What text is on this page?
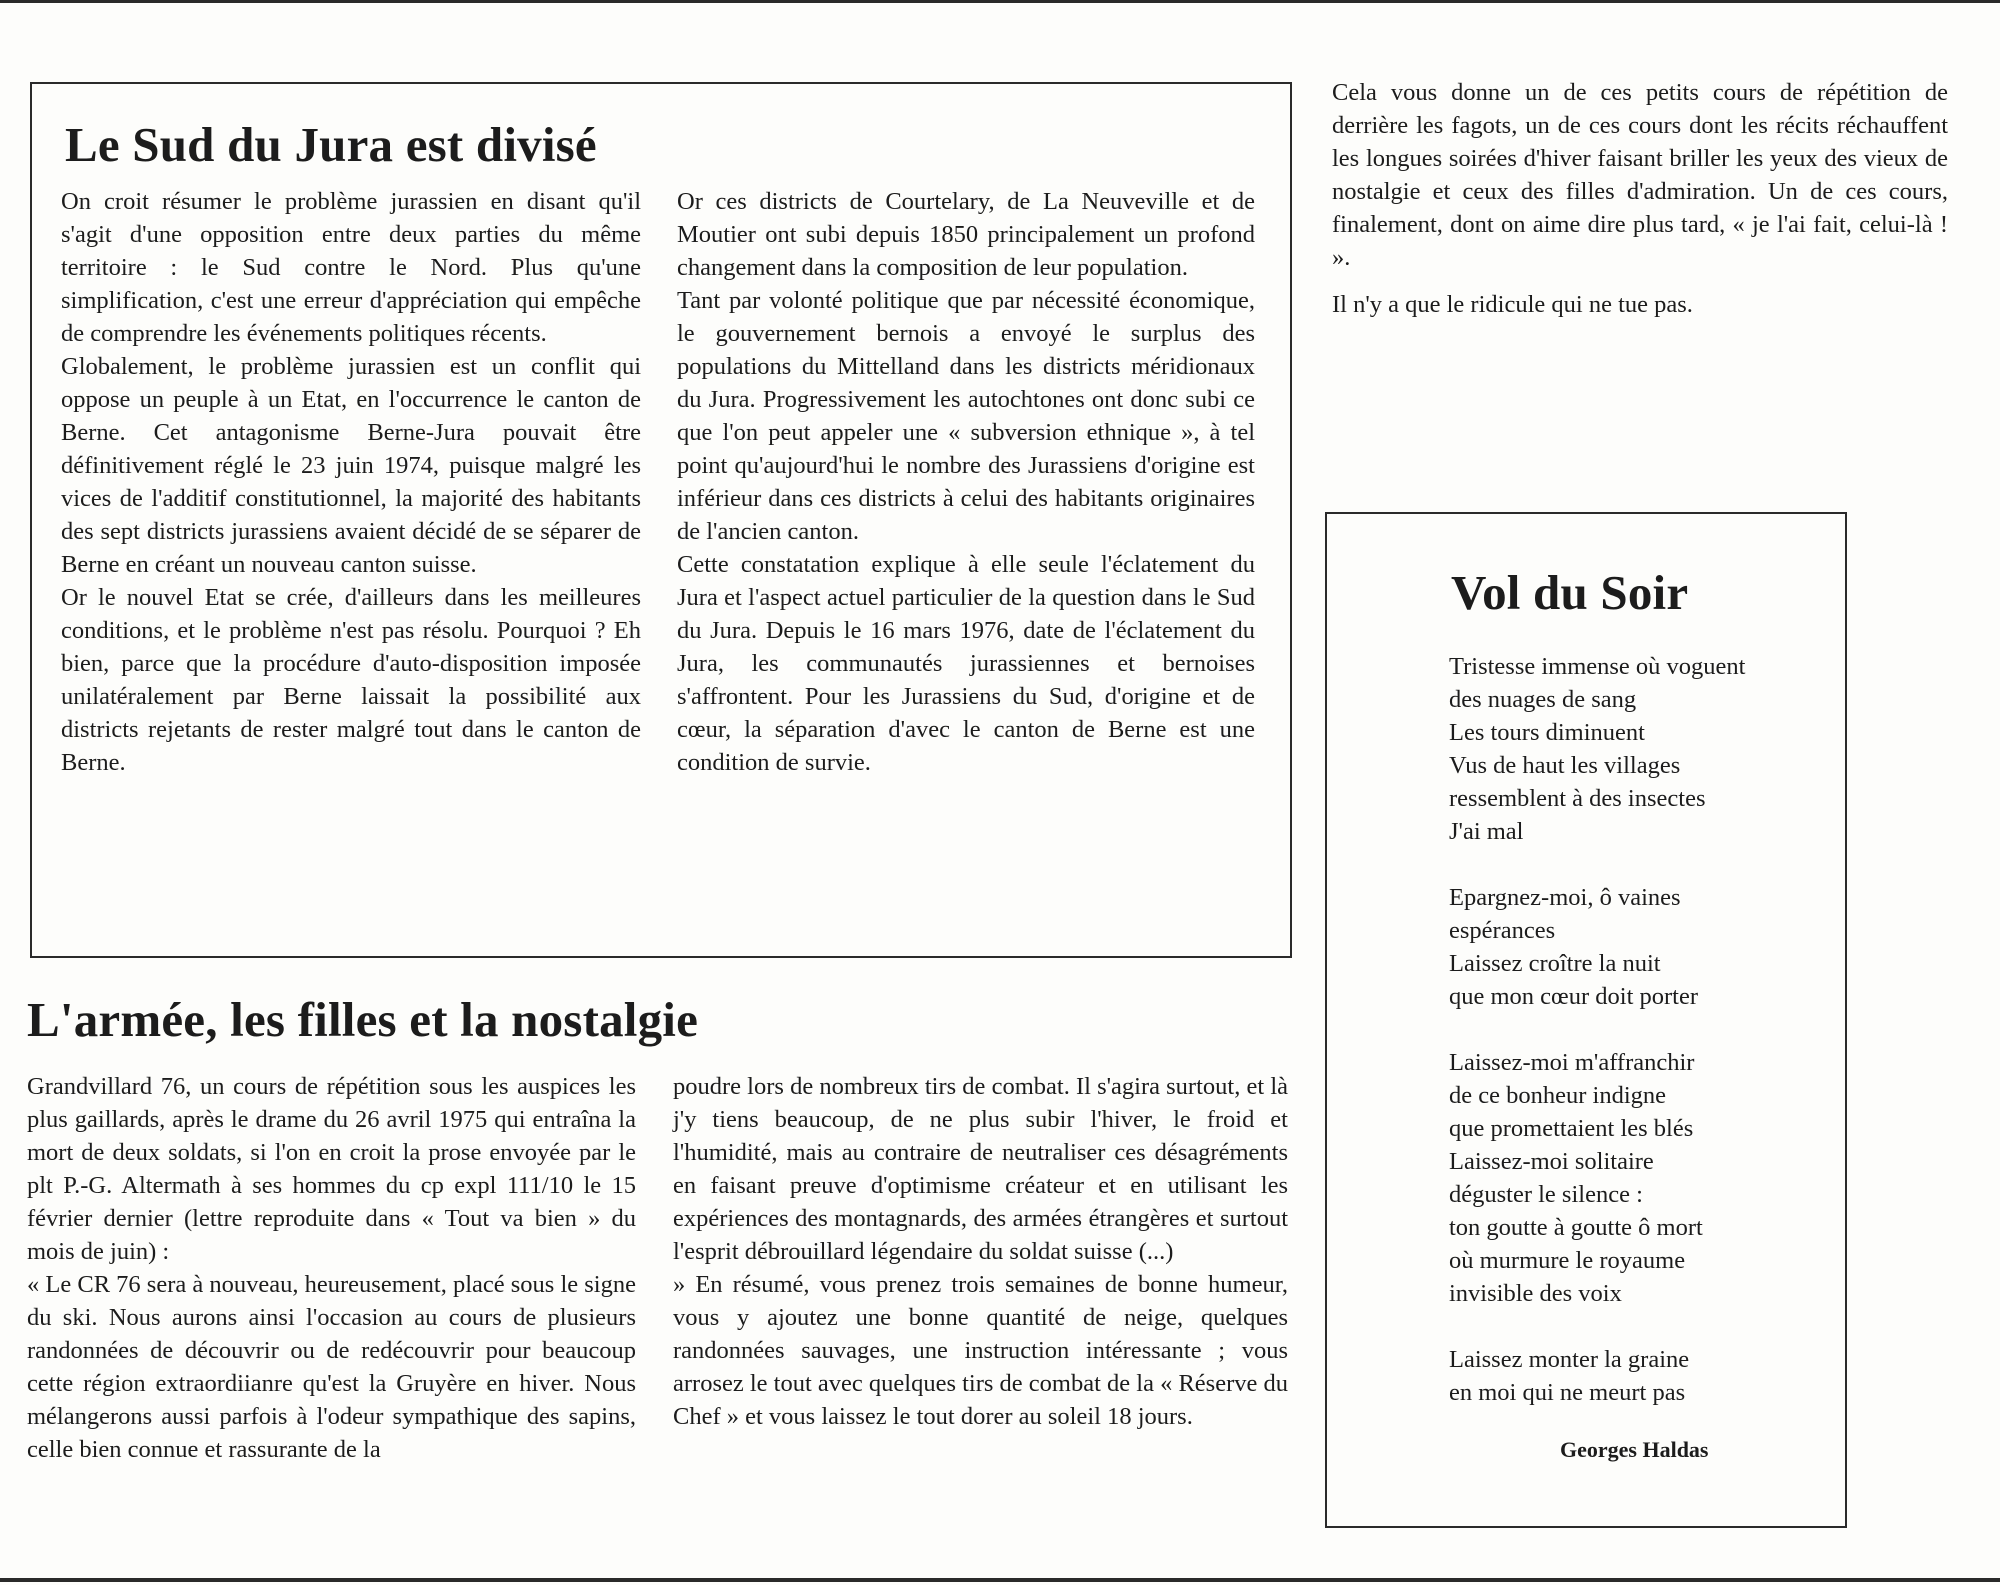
Le Sud du Jura est divisé

On croit résumer le problème jurassien en disant qu'il s'agit d'une opposition entre deux parties du même territoire : le Sud contre le Nord. Plus qu'une simplification, c'est une erreur d'appréciation qui empêche de comprendre les événements politiques récents.

Globalement, le problème jurassien est un conflit qui oppose un peuple à un Etat, en l'occurrence le canton de Berne. Cet antagonisme Berne-Jura pouvait être définitivement réglé le 23 juin 1974, puisque malgré les vices de l'additif constitutionnel, la majorité des habitants des sept districts jurassiens avaient décidé de se séparer de Berne en créant un nouveau canton suisse.

Or le nouvel Etat se crée, d'ailleurs dans les meilleures conditions, et le problème n'est pas résolu. Pourquoi ? Eh bien, parce que la procédure d'auto-disposition imposée unilatéralement par Berne laissait la possibilité aux districts rejetants de rester malgré tout dans le canton de Berne.

Or ces districts de Courtelary, de La Neuveville et de Moutier ont subi depuis 1850 principalement un profond changement dans la composition de leur population.

Tant par volonté politique que par nécessité économique, le gouvernement bernois a envoyé le surplus des populations du Mittelland dans les districts méridionaux du Jura. Progressivement les autochtones ont donc subi ce que l'on peut appeler une « subversion ethnique », à tel point qu'aujourd'hui le nombre des Jurassiens d'origine est inférieur dans ces districts à celui des habitants originaires de l'ancien canton.

Cette constatation explique à elle seule l'éclatement du Jura et l'aspect actuel particulier de la question dans le Sud du Jura. Depuis le 16 mars 1976, date de l'éclatement du Jura, les communautés jurassiennes et bernoises s'affrontent. Pour les Jurassiens du Sud, d'origine et de cœur, la séparation d'avec le canton de Berne est une condition de survie.

L'armée, les filles et la nostalgie

Grandvillard 76, un cours de répétition sous les auspices les plus gaillards, après le drame du 26 avril 1975 qui entraîna la mort de deux soldats, si l'on en croit la prose envoyée par le plt P.-G. Altermath à ses hommes du cp expl 111/10 le 15 février dernier (lettre reproduite dans « Tout va bien » du mois de juin) :

« Le CR 76 sera à nouveau, heureusement, placé sous le signe du ski. Nous aurons ainsi l'occasion au cours de plusieurs randonnées de découvrir ou de redécouvrir pour beaucoup cette région extraordiianre qu'est la Gruyère en hiver. Nous mélangerons aussi parfois à l'odeur sympathique des sapins, celle bien connue et rassurante de la

poudre lors de nombreux tirs de combat. Il s'agira surtout, et là j'y tiens beaucoup, de ne plus subir l'hiver, le froid et l'humidité, mais au contraire de neutraliser ces désagréments en faisant preuve d'optimisme créateur et en utilisant les expériences des montagnards, des armées étrangères et surtout l'esprit débrouillard légendaire du soldat suisse (...)

» En résumé, vous prenez trois semaines de bonne humeur, vous y ajoutez une bonne quantité de neige, quelques randonnées sauvages, une instruction intéressante ; vous arrosez le tout avec quelques tirs de combat de la « Réserve du Chef » et vous laissez le tout dorer au soleil 18 jours.

Cela vous donne un de ces petits cours de répétition de derrière les fagots, un de ces cours dont les récits réchauffent les longues soirées d'hiver faisant briller les yeux des vieux de nostalgie et ceux des filles d'admiration. Un de ces cours, finalement, dont on aime dire plus tard, « je l'ai fait, celui-là ! ».

Il n'y a que le ridicule qui ne tue pas.

Vol du Soir
Tristesse immense où voguent
des nuages de sang
Les tours diminuent
Vus de haut les villages
ressemblent à des insectes
J'ai mal
Epargnez-moi, ô vaines
espérances
Laissez croître la nuit
que mon cœur doit porter
Laissez-moi m'affranchir
de ce bonheur indigne
que promettaient les blés
Laissez-moi solitaire
déguster le silence :
ton goutte à goutte ô mort
où murmure le royaume
invisible des voix
Laissez monter la graine
en moi qui ne meurt pas
Georges Haldas
